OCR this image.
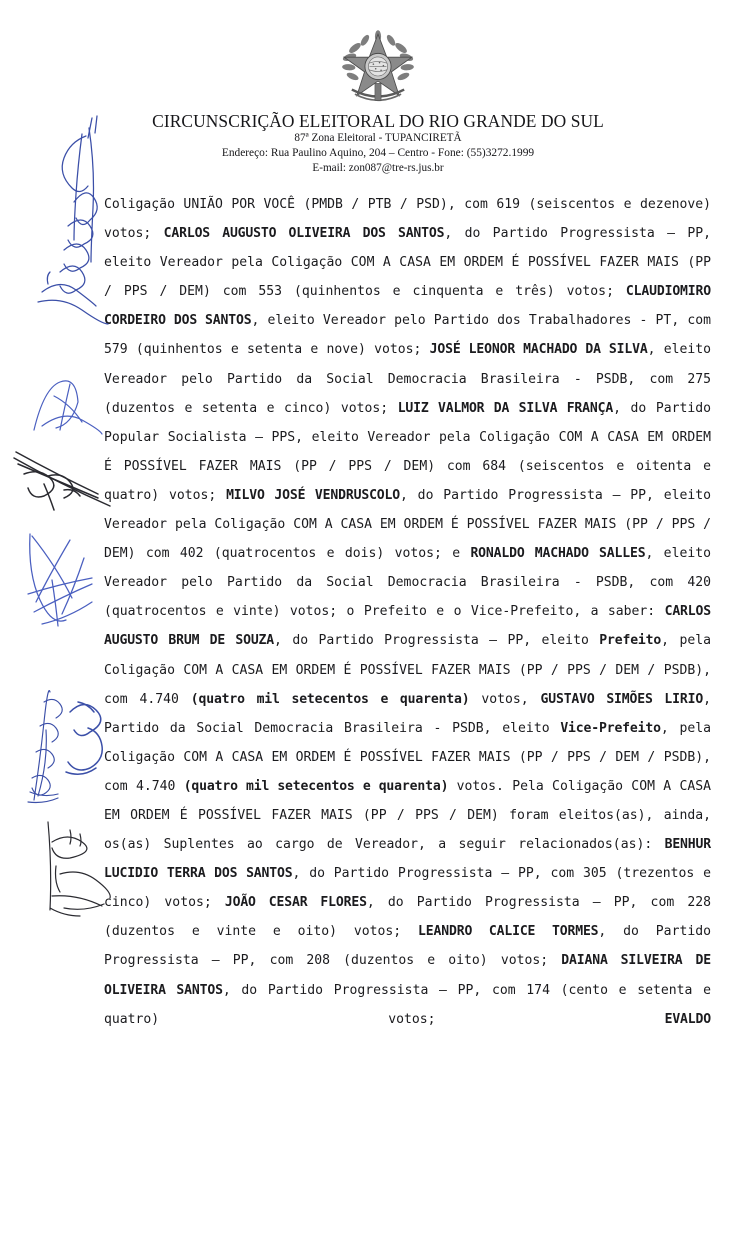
CIRCUNSCRIÇÃO ELEITORAL DO RIO GRANDE DO SUL
87ª Zona Eleitoral - TUPANCIRETÃ
Endereço: Rua Paulino Aquino, 204 – Centro - Fone: (55)3272.1999
E-mail: zon087@tre-rs.jus.br
Coligação UNIÃO POR VOCÊ (PMDB / PTB / PSD), com 619 (seiscentos e dezenove) votos; CARLOS AUGUSTO OLIVEIRA DOS SANTOS, do Partido Progressista – PP, eleito Vereador pela Coligação COM A CASA EM ORDEM É POSSÍVEL FAZER MAIS (PP / PPS / DEM) com 553 (quinhentos e cinquenta e três) votos; CLAUDIOMIRO CORDEIRO DOS SANTOS, eleito Vereador pelo Partido dos Trabalhadores - PT, com 579 (quinhentos e setenta e nove) votos; JOSÉ LEONOR MACHADO DA SILVA, eleito Vereador pelo Partido da Social Democracia Brasileira - PSDB, com 275 (duzentos e setenta e cinco) votos; LUIZ VALMOR DA SILVA FRANÇA, do Partido Popular Socialista – PPS, eleito Vereador pela Coligação COM A CASA EM ORDEM É POSSÍVEL FAZER MAIS (PP / PPS / DEM) com 684 (seiscentos e oitenta e quatro) votos; MILVO JOSÉ VENDRUSCOLO, do Partido Progressista – PP, eleito Vereador pela Coligação COM A CASA EM ORDEM É POSSÍVEL FAZER MAIS (PP / PPS / DEM) com 402 (quatrocentos e dois) votos; e RONALDO MACHADO SALLES, eleito Vereador pelo Partido da Social Democracia Brasileira - PSDB, com 420 (quatrocentos e vinte) votos; o Prefeito e o Vice-Prefeito, a saber: CARLOS AUGUSTO BRUM DE SOUZA, do Partido Progressista – PP, eleito Prefeito, pela Coligação COM A CASA EM ORDEM É POSSÍVEL FAZER MAIS (PP / PPS / DEM / PSDB), com 4.740 (quatro mil setecentos e quarenta) votos, GUSTAVO SIMÕES LIRIO, Partido da Social Democracia Brasileira - PSDB, eleito Vice-Prefeito, pela Coligação COM A CASA EM ORDEM É POSSÍVEL FAZER MAIS (PP / PPS / DEM / PSDB), com 4.740 (quatro mil setecentos e quarenta) votos. Pela Coligação COM A CASA EM ORDEM É POSSÍVEL FAZER MAIS (PP / PPS / DEM) foram eleitos(as), ainda, os(as) Suplentes ao cargo de Vereador, a seguir relacionados(as): BENHUR LUCIDIO TERRA DOS SANTOS, do Partido Progressista – PP, com 305 (trezentos e cinco) votos; JOÃO CESAR FLORES, do Partido Progressista – PP, com 228 (duzentos e vinte e oito) votos; LEANDRO CALICE TORMES, do Partido Progressista – PP, com 208 (duzentos e oito) votos; DAIANA SILVEIRA DE OLIVEIRA SANTOS, do Partido Progressista – PP, com 174 (cento e setenta e quatro) votos; EVALDO
